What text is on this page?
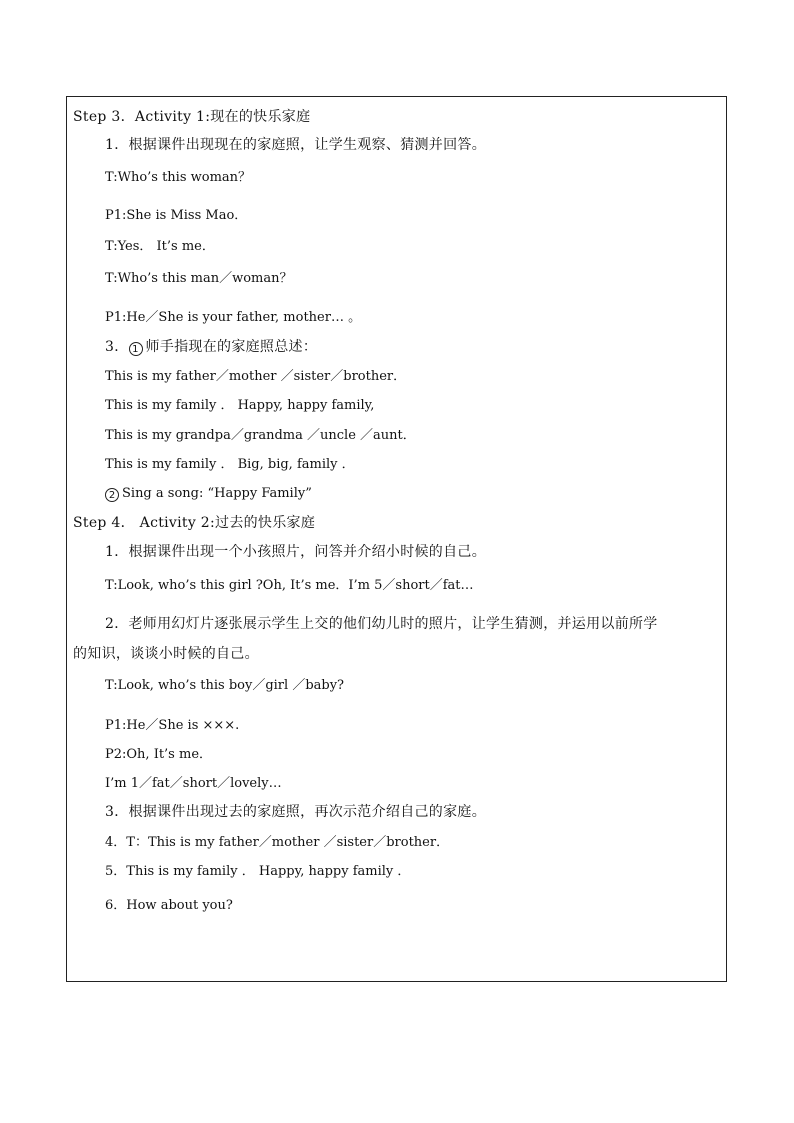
Step 3．Activity 1:现在的快乐家庭
1．根据课件出现现在的家庭照，让学生观察、猜测并回答。
T:Who’s this woman？
P1:She is Miss Mao．
T:Yes． It’s me．
T:Who’s this man／woman？
P1:He／She is your father, mother… 。
3． 1 师手指现在的家庭照总述：
This is my father／mother ／sister／brother．
This is my family ． Happy, happy family,
This is my grandpa／grandma ／uncle ／aunt．
This is my family ． Big, big, family ．
2 Sing a song: “Happy Family”
Step 4． Activity 2:过去的快乐家庭
1．根据课件出现一个小孩照片，问答并介绍小时候的自己。
T:Look, who’s this girl ?Oh, It’s me．I’m 5／short／fat…
2．老师用幻灯片逐张展示学生上交的他们幼儿时的照片，让学生猜测，并运用以前所学
的知识，谈谈小时候的自己。
T:Look, who’s this boy／girl ／baby?
P1:He／She is ×××.
P2:Oh, It’s me．
I’m 1／fat／short／lovely…
3．根据课件出现过去的家庭照，再次示范介绍自己的家庭。
4．T：This is my father／mother ／sister／brother．
5．This is my family ． Happy, happy family ．
6．How about you?
